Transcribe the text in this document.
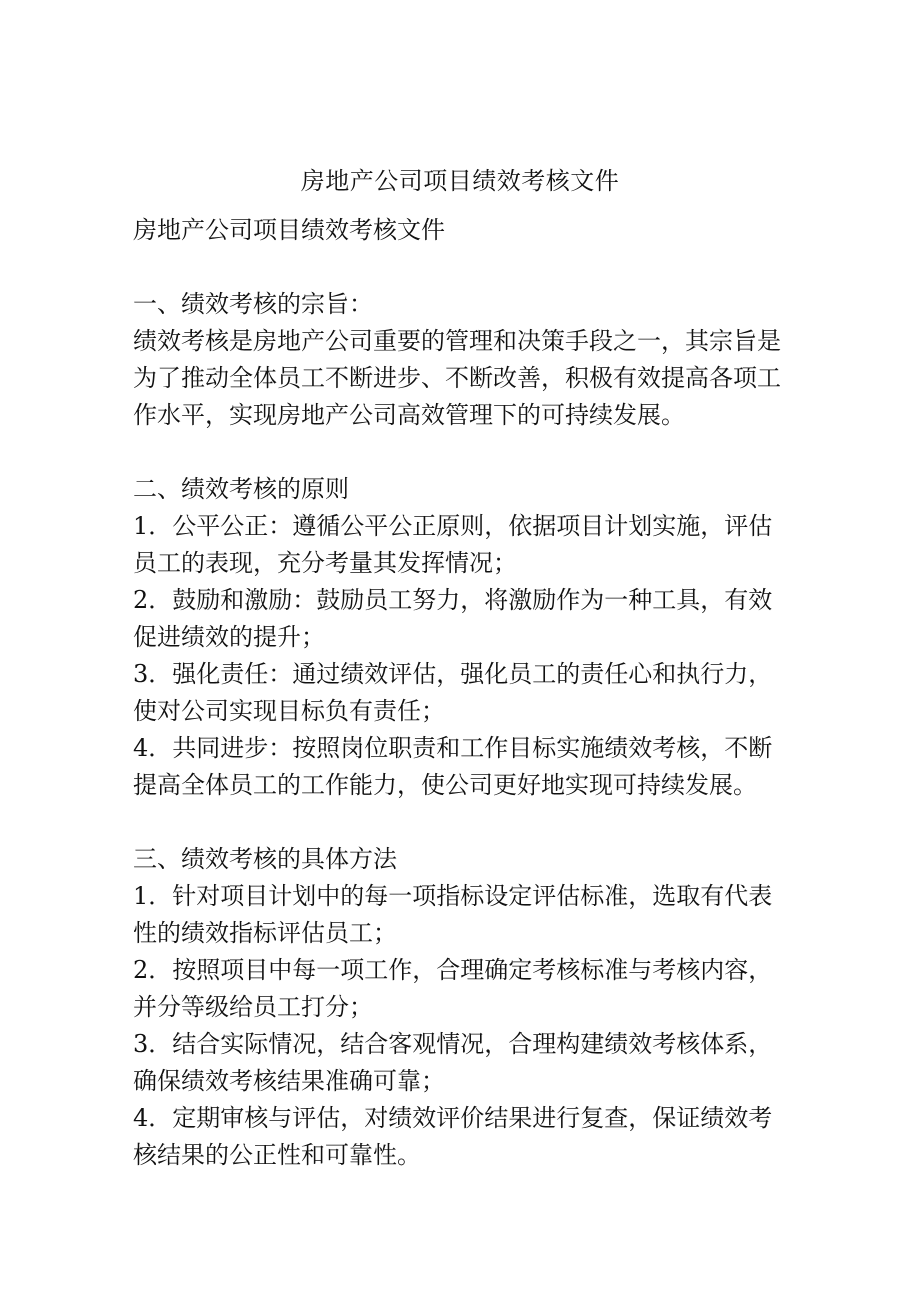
房地产公司项目绩效考核文件

房地产公司项目绩效考核文件

一、绩效考核的宗旨：

绩效考核是房地产公司重要的管理和决策手段之一，其宗旨是为了推动全体员工不断进步、不断改善，积极有效提高各项工作水平，实现房地产公司高效管理下的可持续发展。

二、绩效考核的原则

1．公平公正：遵循公平公正原则，依据项目计划实施，评估员工的表现，充分考量其发挥情况；

2．鼓励和激励：鼓励员工努力，将激励作为一种工具，有效促进绩效的提升；

3．强化责任：通过绩效评估，强化员工的责任心和执行力，使对公司实现目标负有责任；

4．共同进步：按照岗位职责和工作目标实施绩效考核，不断提高全体员工的工作能力，使公司更好地实现可持续发展。

三、绩效考核的具体方法

1．针对项目计划中的每一项指标设定评估标准，选取有代表性的绩效指标评估员工；

2．按照项目中每一项工作，合理确定考核标准与考核内容，并分等级给员工打分；

3．结合实际情况，结合客观情况，合理构建绩效考核体系，确保绩效考核结果准确可靠；

4．定期审核与评估，对绩效评价结果进行复查，保证绩效考核结果的公正性和可靠性。
